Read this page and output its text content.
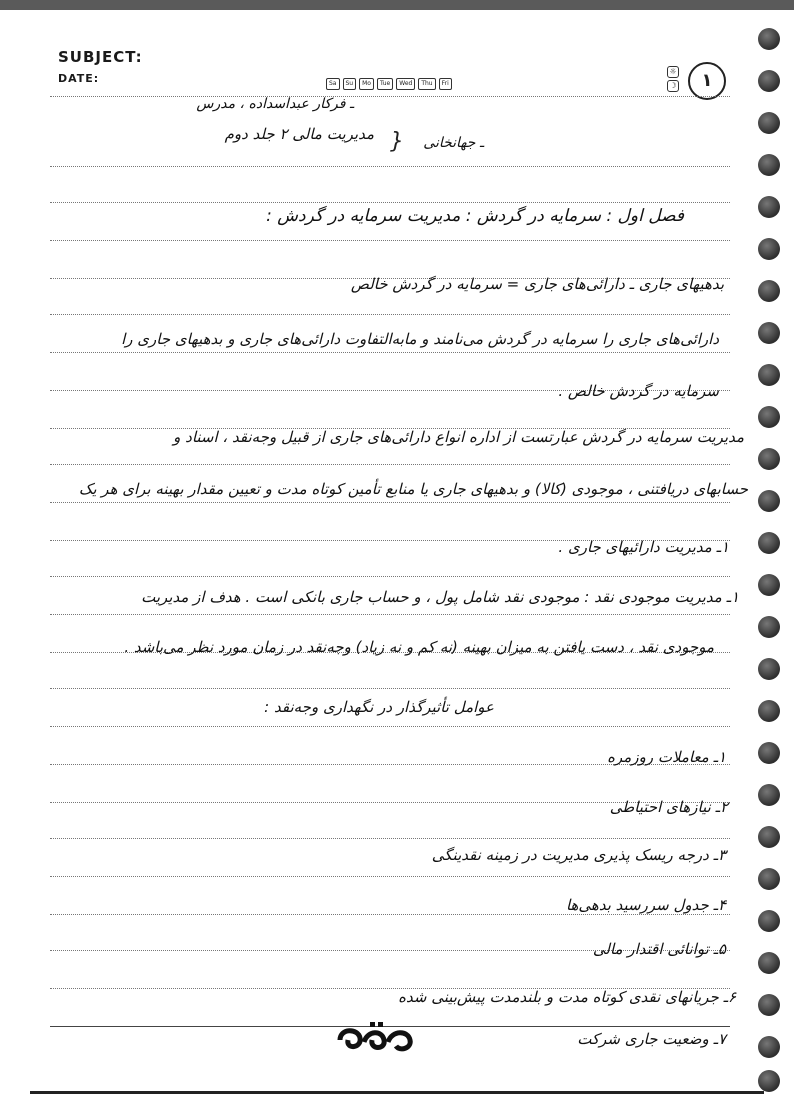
SUBJECT:
DATE:	Sa	Su	Mo	Tue	Wed	Thu	Fri
☼
☽	۱
ـ فرکار عبداسداده ، مدرس
ـ جهانخانی
{
مدیریت مالی ۲ جلد دوم
فصل اول : سرمایه در گردش : مدیریت سرمایه در گردش :
بدهیهای جاری ـ دارائی‌های جاری = سرمایه در گردش خالص
دارائی‌های جاری را سرمایه در گردش می‌نامند و مابه‌التفاوت دارائی‌های جاری و بدهیهای جاری را
سرمایه در گردش خالص .
مدیریت سرمایه در گردش عبارتست از اداره انواع دارائی‌های جاری از قبیل وجه‌نقد ، اسناد و
حسابهای دریافتنی ، موجودی (کالا) و بدهیهای جاری یا منابع تأمین کوتاه مدت و تعیین مقدار بهینه برای هر یک
۱ـ مدیریت دارائیهای جاری .
۱ـ مدیریت موجودی نقد : موجودی نقد شامل پول ، و حساب جاری بانکی است . هدف از مدیریت
موجودی نقد ، دست یافتن به میزان بهینه (نه کم و نه زیاد) وجه‌نقد در زمان مورد نظر می‌باشد .
عوامل تأثیرگذار در نگهداری وجه‌نقد :
۱ـ معاملات روزمره
۲ـ نیاز‌های احتیاطی
۳ـ درجه ریسک پذیری مدیریت در زمینه نقدینگی
۴ـ جدول سررسید بدهی‌ها
۵ـ توانائی اقتدار مالی
۶ـ جریانهای نقدی کوتاه مدت و بلندمدت پیش‌بینی شده
۷ـ وضعیت جاری شرکت
